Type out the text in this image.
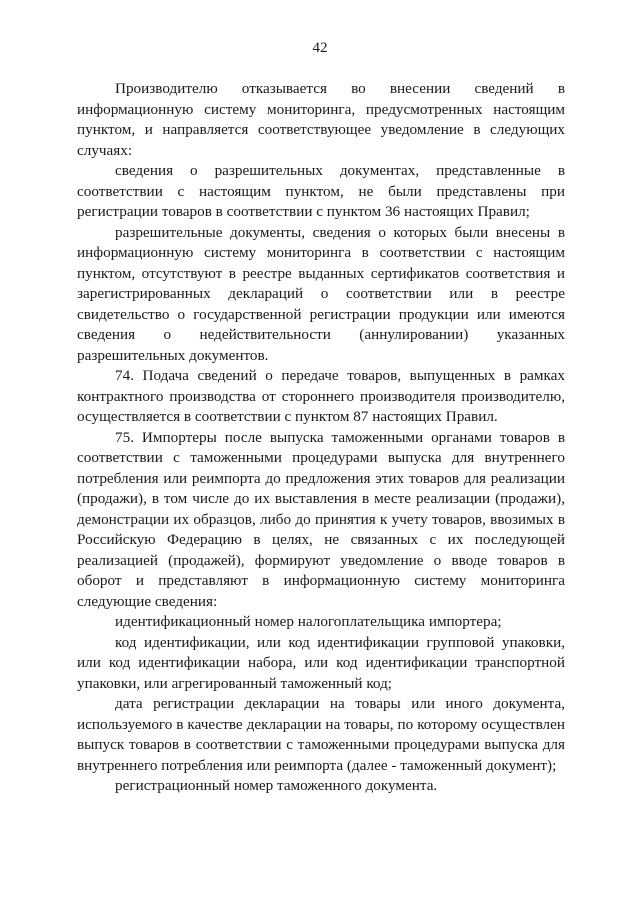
42

Производителю отказывается во внесении сведений в информационную систему мониторинга, предусмотренных настоящим пунктом, и направляется соответствующее уведомление в следующих случаях:

сведения о разрешительных документах, представленные в соответствии с настоящим пунктом, не были представлены при регистрации товаров в соответствии с пунктом 36 настоящих Правил;

разрешительные документы, сведения о которых были внесены в информационную систему мониторинга в соответствии с настоящим пунктом, отсутствуют в реестре выданных сертификатов соответствия и зарегистрированных деклараций о соответствии или в реестре свидетельство о государственной регистрации продукции или имеются сведения о недействительности (аннулировании) указанных разрешительных документов.

74. Подача сведений о передаче товаров, выпущенных в рамках контрактного производства от стороннего производителя производителю, осуществляется в соответствии с пунктом 87 настоящих Правил.

75. Импортеры после выпуска таможенными органами товаров в соответствии с таможенными процедурами выпуска для внутреннего потребления или реимпорта до предложения этих товаров для реализации (продажи), в том числе до их выставления в месте реализации (продажи), демонстрации их образцов, либо до принятия к учету товаров, ввозимых в Российскую Федерацию в целях, не связанных с их последующей реализацией (продажей), формируют уведомление о вводе товаров в оборот и представляют в информационную систему мониторинга следующие сведения:

идентификационный номер налогоплательщика импортера;

код идентификации, или код идентификации групповой упаковки, или код идентификации набора, или код идентификации транспортной упаковки, или агрегированный таможенный код;

дата регистрации декларации на товары или иного документа, используемого в качестве декларации на товары, по которому осуществлен выпуск товаров в соответствии с таможенными процедурами выпуска для внутреннего потребления или реимпорта (далее - таможенный документ);

регистрационный номер таможенного документа.
